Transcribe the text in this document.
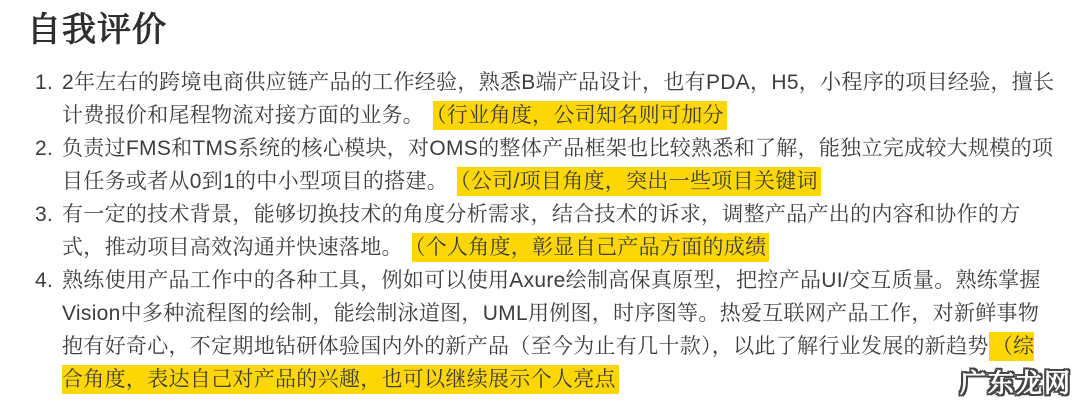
自我评价
1. 2年左右的跨境电商供应链产品的工作经验，熟悉B端产品设计，也有PDA，H5，小程序的项目经验，擅长计费报价和尾程物流对接方面的业务。 （行业角度，公司知名则可加分
2. 负责过FMS和TMS系统的核心模块，对OMS的整体产品框架也比较熟悉和了解，能独立完成较大规模的项目任务或者从0到1的中小型项目的搭建。 （公司/项目角度，突出一些项目关键词
3. 有一定的技术背景，能够切换技术的角度分析需求，结合技术的诉求，调整产品产出的内容和协作的方式，推动项目高效沟通并快速落地。 （个人角度，彰显自己产品方面的成绩
4. 熟练使用产品工作中的各种工具，例如可以使用Axure绘制高保真原型，把控产品UI/交互质量。熟练掌握Vision中多种流程图的绘制，能绘制泳道图，UML用例图，时序图等。热爱互联网产品工作，对新鲜事物抱有好奇心，不定期地钻研体验国内外的新产品（至今为止有几十款），以此了解行业发展的新趋势 （综合角度，表达自己对产品的兴趣，也可以继续展示个人亮点	广东龙网
